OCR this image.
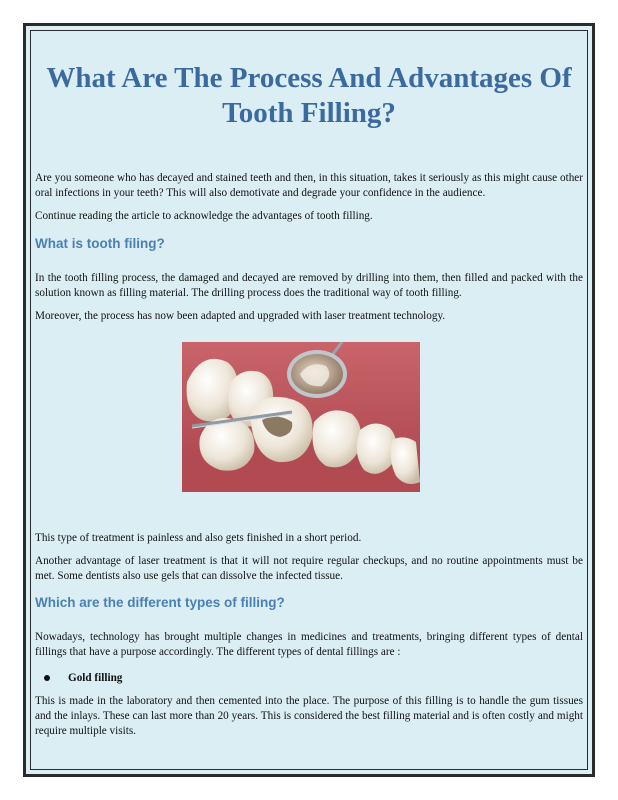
What Are The Process And Advantages Of Tooth Filling?

Are you someone who has decayed and stained teeth and then, in this situation, takes it seriously as this might cause other oral infections in your teeth? This will also demotivate and degrade your confidence in the audience.

Continue reading the article to acknowledge the advantages of tooth filling.

What is tooth filing?

In the tooth filling process, the damaged and decayed are removed by drilling into them, then filled and packed with the solution known as filling material. The drilling process does the traditional way of tooth filling.

Moreover, the process has now been adapted and upgraded with laser treatment technology.

This type of treatment is painless and also gets finished in a short period.

Another advantage of laser treatment is that it will not require regular checkups, and no routine appointments must be met. Some dentists also use gels that can dissolve the infected tissue.

Which are the different types of filling?

Nowadays, technology has brought multiple changes in medicines and treatments, bringing different types of dental fillings that have a purpose accordingly. The different types of dental fillings are :

Gold filling

This is made in the laboratory and then cemented into the place. The purpose of this filling is to handle the gum tissues and the inlays. These can last more than 20 years. This is considered the best filling material and is often costly and might require multiple visits.
